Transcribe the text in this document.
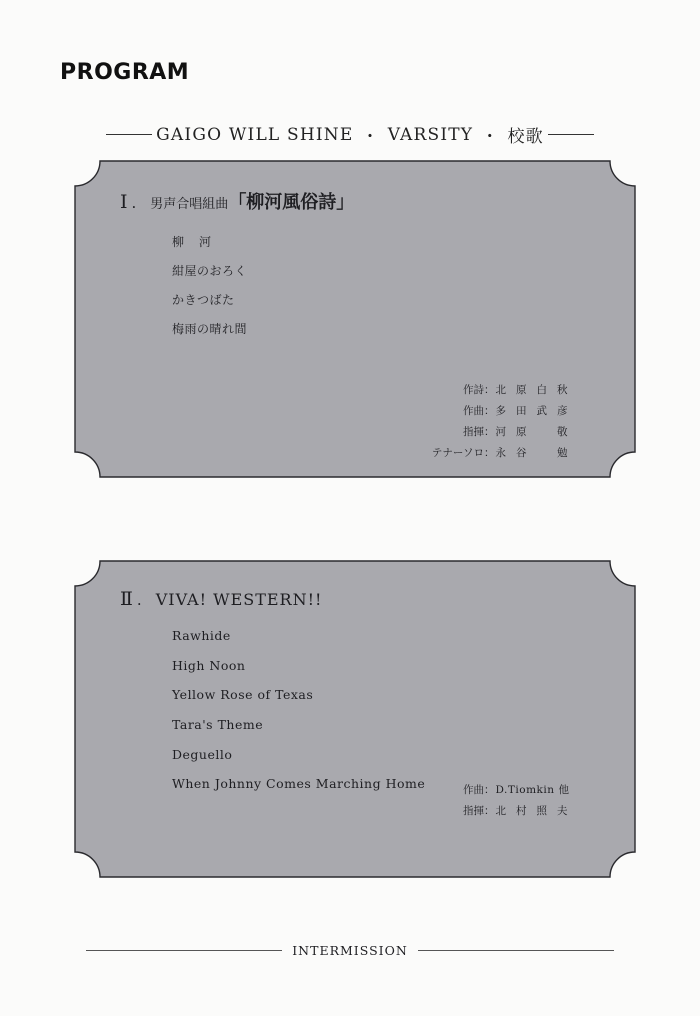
PROGRAM
GAIGO WILL SHINE ・ VARSITY ・ 校歌
Ⅰ . 男声合唱組曲 「柳河風俗詩」
柳河
紺屋のおろく
かきつばた
梅雨の晴れ間
作詩 ： 北原白秋
作曲 ： 多田武彦
指揮 ： 河原　敬
テナーソロ ： 永谷　勉
Ⅱ . VIVA! WESTERN!!
Rawhide
High Noon
Yellow Rose of Texas
Tara's Theme
Deguello
When Johnny Comes Marching Home	作曲 ： D.Tiomkin 他
指揮 ： 北村照夫
INTERMISSION
